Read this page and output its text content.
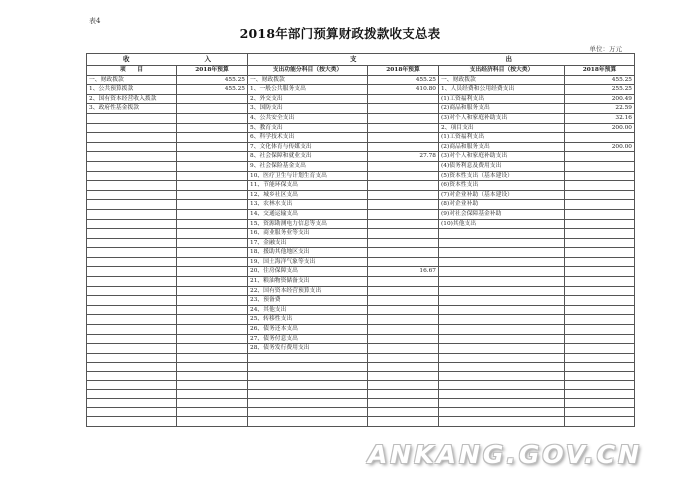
表4
2018年部门预算财政拨款收支总表
单位：万元
收 入		支 出			

项　　目	2018年预算	支出功能分科目（按大类）	2018年预算	支出经济科目（按大类）	2018年预算
一、财政拨款	455.25	一、财政拨款	455.25	一、财政拨款	455.25
1、公共预算拨款	455.25	1、一般公共服务支出	410.80	1、人员经费和公用经费支出	255.25
2、国有资本经营收入拨款		2、外交支出		(1)工资福利支出	200.49
3、政府性基金拨款		3、国防支出		(2)商品和服务支出	22.59
		4、公共安全支出		(3)对个人和家庭补助支出	32.16
		5、教育支出		2、项目支出	200.00
		6、科学技术支出		(1)工资福利支出	
		7、文化体育与传媒支出		(2)商品和服务支出	200.00
		8、社会保障和就业支出	27.78	(3)对个人和家庭补助支出	
		9、社会保险基金支出		(4)债务利息及费用支出	
		10、医疗卫生与计划生育支出		(5)资本性支出（基本建设）	
		11、节能环保支出		(6)资本性支出	
		12、城乡社区支出		(7)对企业补助（基本建设）	
		13、农林水支出		(8)对企业补助	
		14、交通运输支出		(9)对社会保障基金补助	
		15、资源勘测电力信息等支出		(10)其他支出	
		16、商业服务业等支出			
		17、金融支出			
		18、援助其他地区支出			
		19、国土海洋气象等支出			
		20、住房保障支出	16.67		
		21、粮油物资储备支出			
		22、国有资本经营预算支出			
		23、预备费			
		24、其他支出			
		25、转移性支出			
		26、债务还本支出			
		27、债务付息支出			
		28、债务发行费用支出			

ANKANG.GOV.CN
